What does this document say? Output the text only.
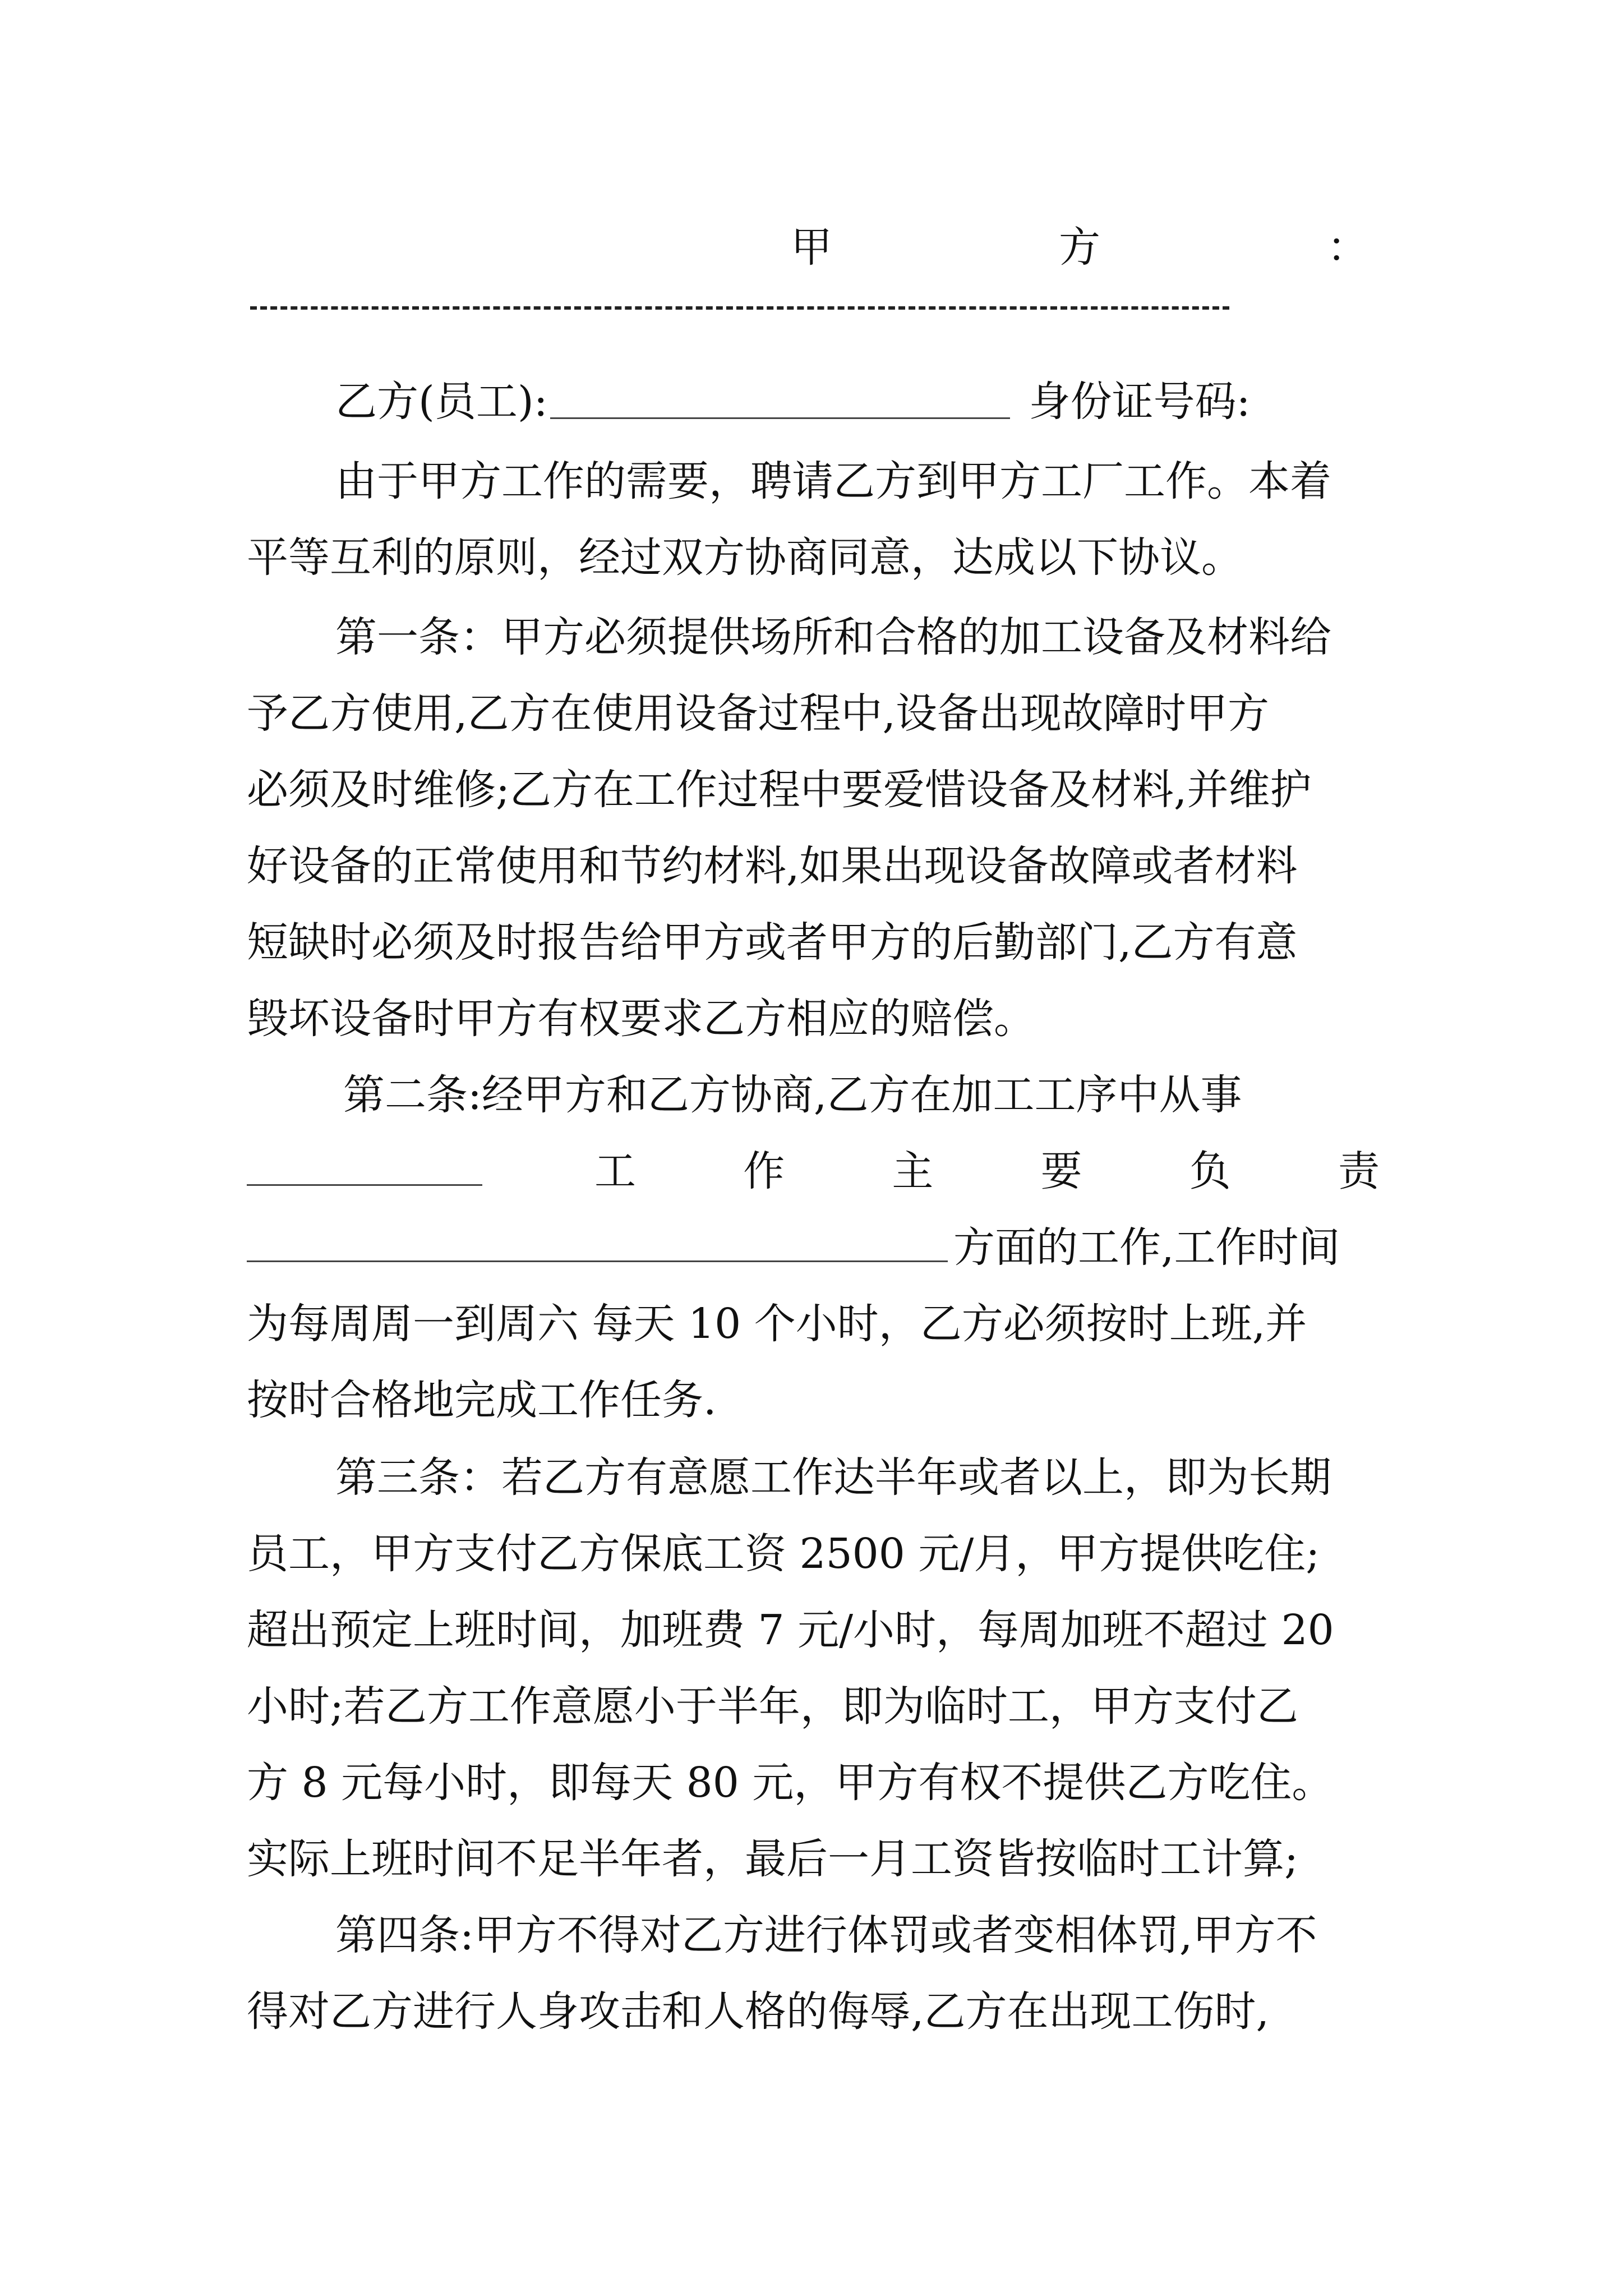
甲	方	：
乙方(员工):	身份证号码:
由于甲方工作的需要，聘请乙方到甲方工厂工作。本着
平等互利的原则，经过双方协商同意，达成以下协议。
第一条：甲方必须提供场所和合格的加工设备及材料给
予乙方使用,乙方在使用设备过程中,设备出现故障时甲方
必须及时维修;乙方在工作过程中要爱惜设备及材料,并维护
好设备的正常使用和节约材料,如果出现设备故障或者材料
短缺时必须及时报告给甲方或者甲方的后勤部门,乙方有意
毁坏设备时甲方有权要求乙方相应的赔偿。
第二条:经甲方和乙方协商,乙方在加工工序中从事
工	作	主	要	负	责
方面的工作,工作时间
为每周周一到周六 每天 10 个小时，乙方必须按时上班,并
按时合格地完成工作任务.
第三条：若乙方有意愿工作达半年或者以上，即为长期
员工，甲方支付乙方保底工资 2500 元/月，甲方提供吃住;
超出预定上班时间，加班费 7 元/小时，每周加班不超过 20
小时;若乙方工作意愿小于半年，即为临时工，甲方支付乙
方 8 元每小时，即每天 80 元，甲方有权不提供乙方吃住。
实际上班时间不足半年者，最后一月工资皆按临时工计算;
第四条:甲方不得对乙方进行体罚或者变相体罚,甲方不
得对乙方进行人身攻击和人格的侮辱,乙方在出现工伤时,
